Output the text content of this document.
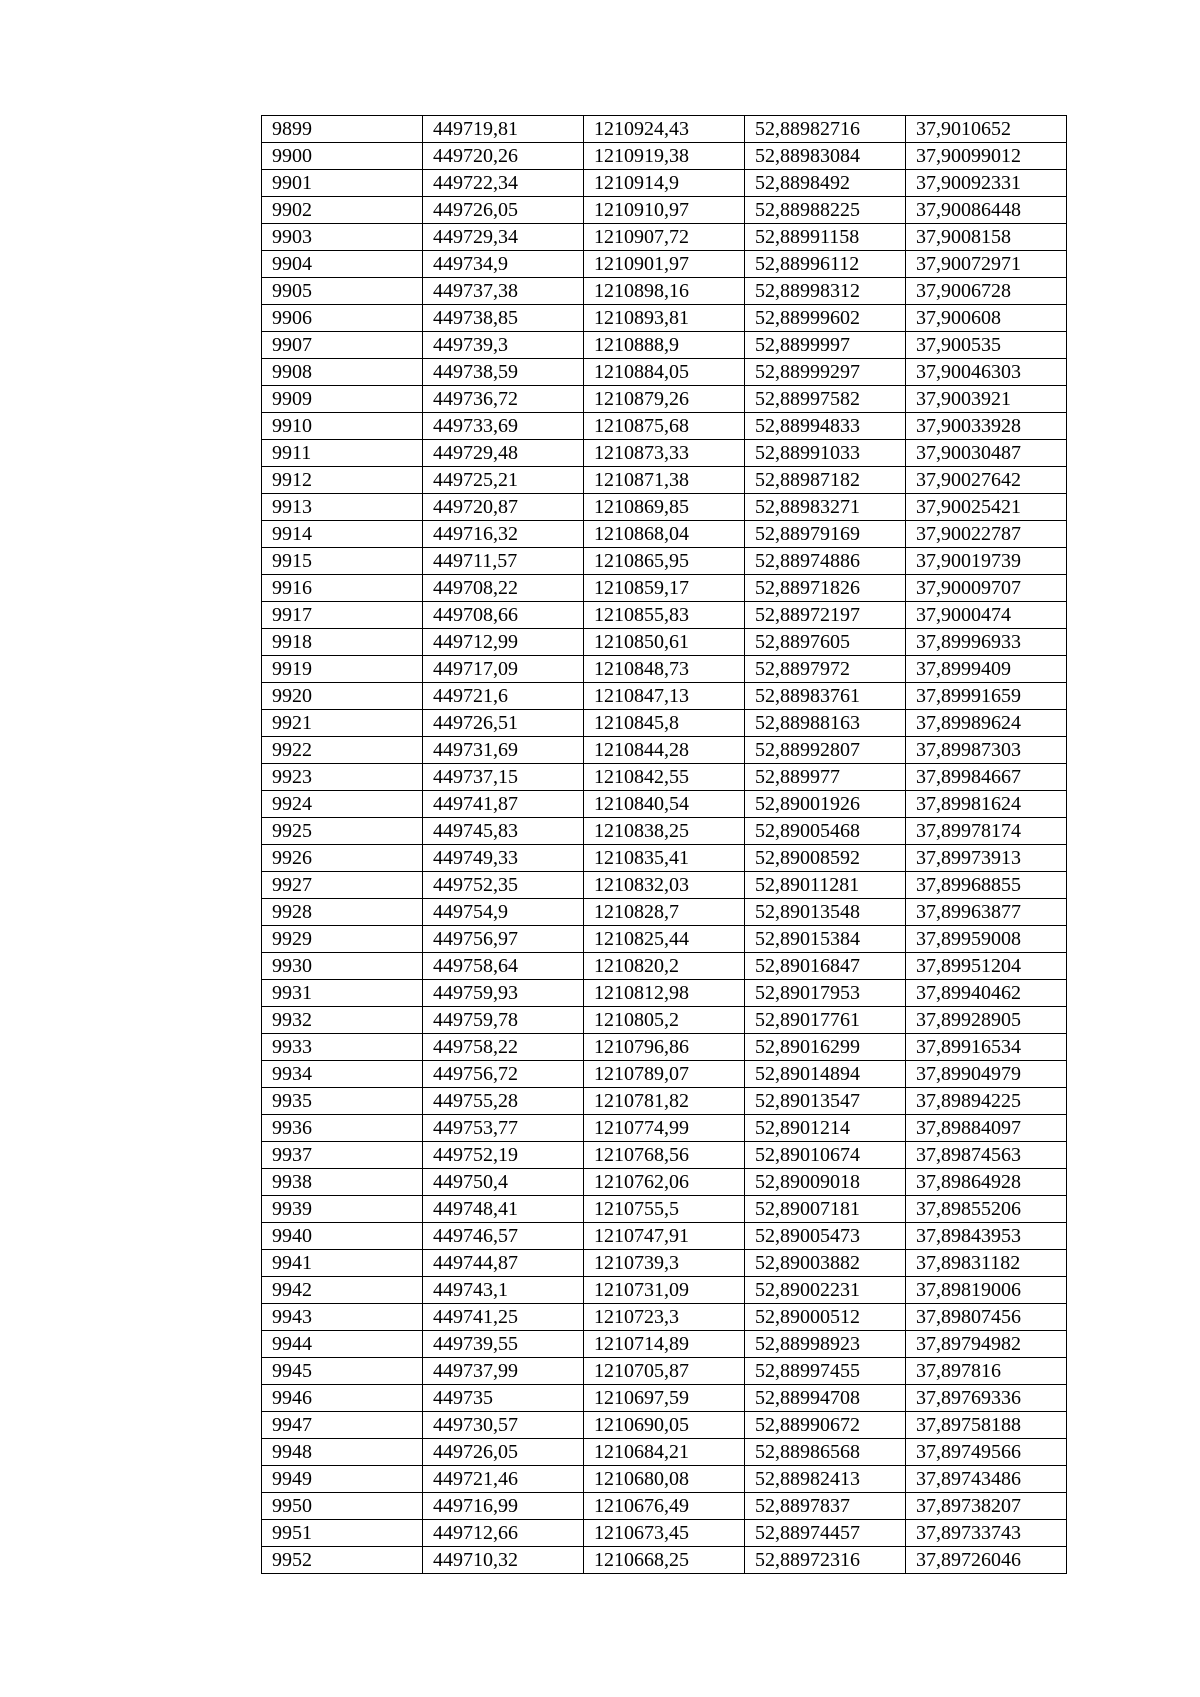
9899	449719,81	1210924,43	52,88982716	37,9010652
9900	449720,26	1210919,38	52,88983084	37,90099012
9901	449722,34	1210914,9	52,8898492	37,90092331
9902	449726,05	1210910,97	52,88988225	37,90086448
9903	449729,34	1210907,72	52,88991158	37,9008158
9904	449734,9	1210901,97	52,88996112	37,90072971
9905	449737,38	1210898,16	52,88998312	37,9006728
9906	449738,85	1210893,81	52,88999602	37,900608
9907	449739,3	1210888,9	52,8899997	37,900535
9908	449738,59	1210884,05	52,88999297	37,90046303
9909	449736,72	1210879,26	52,88997582	37,9003921
9910	449733,69	1210875,68	52,88994833	37,90033928
9911	449729,48	1210873,33	52,88991033	37,90030487
9912	449725,21	1210871,38	52,88987182	37,90027642
9913	449720,87	1210869,85	52,88983271	37,90025421
9914	449716,32	1210868,04	52,88979169	37,90022787
9915	449711,57	1210865,95	52,88974886	37,90019739
9916	449708,22	1210859,17	52,88971826	37,90009707
9917	449708,66	1210855,83	52,88972197	37,9000474
9918	449712,99	1210850,61	52,8897605	37,89996933
9919	449717,09	1210848,73	52,8897972	37,8999409
9920	449721,6	1210847,13	52,88983761	37,89991659
9921	449726,51	1210845,8	52,88988163	37,89989624
9922	449731,69	1210844,28	52,88992807	37,89987303
9923	449737,15	1210842,55	52,889977	37,89984667
9924	449741,87	1210840,54	52,89001926	37,89981624
9925	449745,83	1210838,25	52,89005468	37,89978174
9926	449749,33	1210835,41	52,89008592	37,89973913
9927	449752,35	1210832,03	52,89011281	37,89968855
9928	449754,9	1210828,7	52,89013548	37,89963877
9929	449756,97	1210825,44	52,89015384	37,89959008
9930	449758,64	1210820,2	52,89016847	37,89951204
9931	449759,93	1210812,98	52,89017953	37,89940462
9932	449759,78	1210805,2	52,89017761	37,89928905
9933	449758,22	1210796,86	52,89016299	37,89916534
9934	449756,72	1210789,07	52,89014894	37,89904979
9935	449755,28	1210781,82	52,89013547	37,89894225
9936	449753,77	1210774,99	52,8901214	37,89884097
9937	449752,19	1210768,56	52,89010674	37,89874563
9938	449750,4	1210762,06	52,89009018	37,89864928
9939	449748,41	1210755,5	52,89007181	37,89855206
9940	449746,57	1210747,91	52,89005473	37,89843953
9941	449744,87	1210739,3	52,89003882	37,89831182
9942	449743,1	1210731,09	52,89002231	37,89819006
9943	449741,25	1210723,3	52,89000512	37,89807456
9944	449739,55	1210714,89	52,88998923	37,89794982
9945	449737,99	1210705,87	52,88997455	37,897816
9946	449735	1210697,59	52,88994708	37,89769336
9947	449730,57	1210690,05	52,88990672	37,89758188
9948	449726,05	1210684,21	52,88986568	37,89749566
9949	449721,46	1210680,08	52,88982413	37,89743486
9950	449716,99	1210676,49	52,8897837	37,89738207
9951	449712,66	1210673,45	52,88974457	37,89733743
9952	449710,32	1210668,25	52,88972316	37,89726046
